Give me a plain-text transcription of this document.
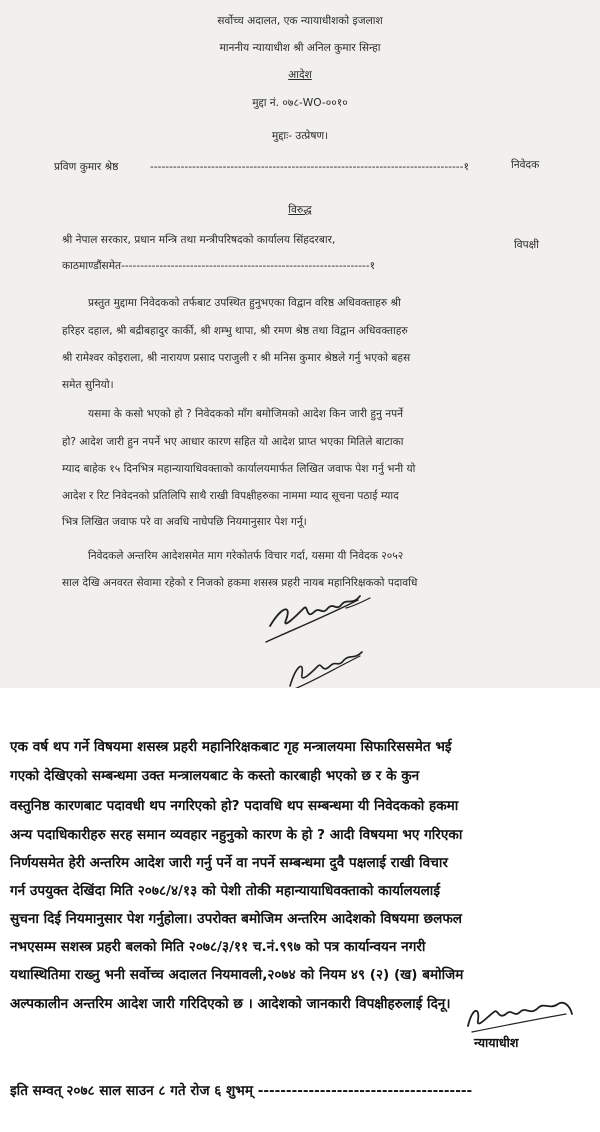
सर्वोच्च अदालत, एक न्यायाधीशको इजलाश
माननीय न्यायाधीश श्री अनिल कुमार सिन्हा
आदेश
मुद्दा नं. ०७८-WO-००१०
मुद्दाः- उत्प्रेषण।
प्रविण कुमार श्रेष्ठ	----------------------------------------------------------------------------------१	निवेदक
विरुद्ध
श्री नेपाल सरकार, प्रधान मन्त्रि तथा मन्त्रीपरिषदको कार्यालय सिंहदरबार,	विपक्षी
काठमाण्डौंसमेत-----------------------------------------------------------------१
प्रस्तुत मुद्दामा निवेदकको तर्फबाट उपस्थित हुनुभएका विद्वान वरिष्ठ अधिवक्ताहरु श्री
हरिहर दहाल, श्री बद्रीबहादुर कार्की, श्री शम्भु थापा, श्री रमण श्रेष्ठ तथा विद्वान अधिवक्ताहरु
श्री रामेश्वर कोइराला, श्री नारायण प्रसाद पराजुली र श्री मनिस कुमार श्रेष्ठले गर्नु भएको बहस
समेत सुनियो।
यसमा के कसो भएको हो ? निवेदकको माँग बमोजिमको आदेश किन जारी हुनु नपर्ने
हो? आदेश जारी हुन नपर्ने भए आधार कारण सहित यो आदेश प्राप्त भएका मितिले बाटाका
म्याद बाहेक १५ दिनभित्र महान्यायाधिवक्ताको कार्यालयमार्फत लिखित जवाफ पेश गर्नु भनी यो
आदेश र रिट निवेदनको प्रतिलिपि साथै राखी विपक्षीहरुका नाममा म्याद सूचना पठाई म्याद
भित्र लिखित जवाफ परे वा अवधि नाघेपछि नियमानुसार पेश गर्नू।
निवेदकले अन्तरिम आदेशसमेत माग गरेकोतर्फ विचार गर्दा, यसमा यी निवेदक २०५२
साल देखि अनवरत सेवामा रहेको र निजको हकमा शसस्त्र प्रहरी नायब महानिरिक्षकको पदावधि
एक वर्ष थप गर्ने विषयमा शसस्त्र प्रहरी महानिरिक्षकबाट गृह मन्त्रालयमा सिफारिससमेत भई
गएको देखिएको सम्बन्धमा उक्त मन्त्रालयबाट के कस्तो कारबाही भएको छ र के कुन
वस्तुनिष्ठ कारणबाट पदावधी थप नगरिएको हो? पदावधि थप सम्बन्धमा यी निवेदकको हकमा
अन्य पदाधिकारीहरु सरह समान व्यवहार नहुनुको कारण के हो ? आदी विषयमा भए गरिएका
निर्णयसमेत हेरी अन्तरिम आदेश जारी गर्नु पर्ने वा नपर्ने सम्बन्धमा दुवै पक्षलाई राखी विचार
गर्न उपयुक्त देखिंदा मिति २०७८/४/१३ को पेशी तोकी महान्यायाधिवक्ताको कार्यालयलाई
सुचना दिई नियमानुसार पेश गर्नुहोला। उपरोक्त बमोजिम अन्तरिम आदेशको विषयमा छलफल
नभएसम्म सशस्त्र प्रहरी बलको मिति २०७८/३/११ च.नं.९९७ को पत्र कार्यान्वयन नगरी
यथास्थितिमा राख्नु भनी सर्वोच्च अदालत नियमावली,२०७४ को नियम ४९ (२) (ख) बमोजिम
अल्पकालीन अन्तरिम आदेश जारी गरिदिएको छ । आदेशको जानकारी विपक्षीहरुलाई दिनू।
न्यायाधीश
इति सम्वत् २०७८ साल साउन ८ गते रोज ६ शुभम् --------------------------------------
